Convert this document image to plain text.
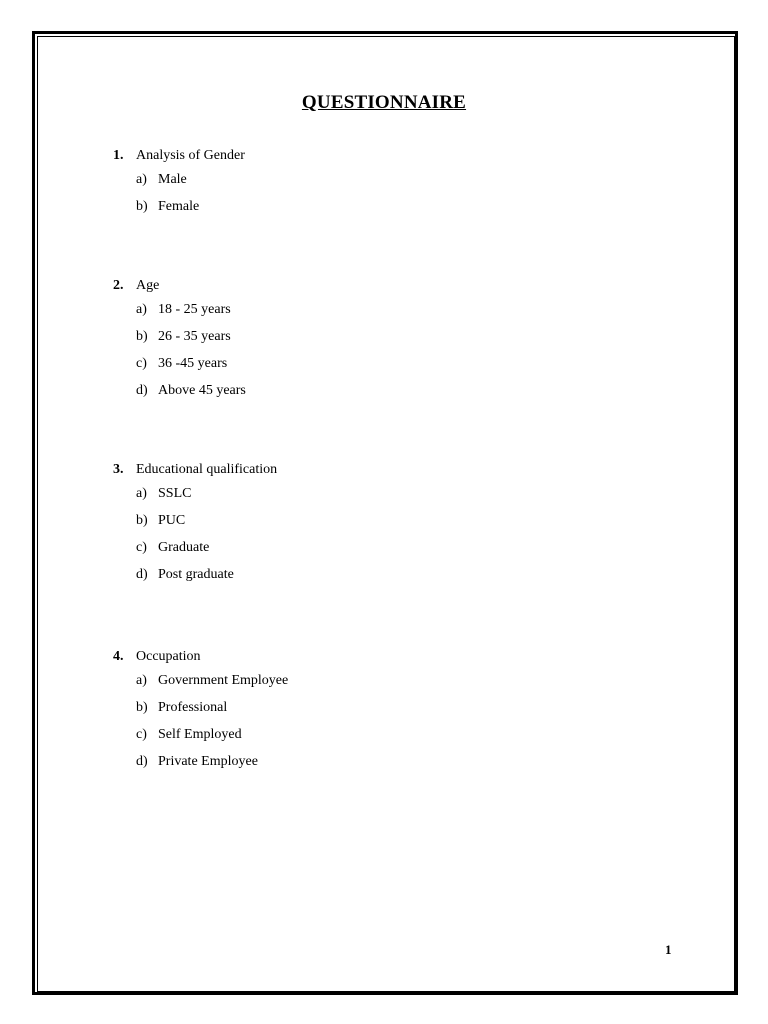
QUESTIONNAIRE
1. Analysis of Gender
a) Male
b) Female
2. Age
a) 18 - 25 years
b) 26 - 35 years
c) 36 -45 years
d) Above 45 years
3. Educational qualification
a) SSLC
b) PUC
c) Graduate
d) Post graduate
4. Occupation
a) Government Employee
b) Professional
c) Self Employed
d) Private Employee
1
